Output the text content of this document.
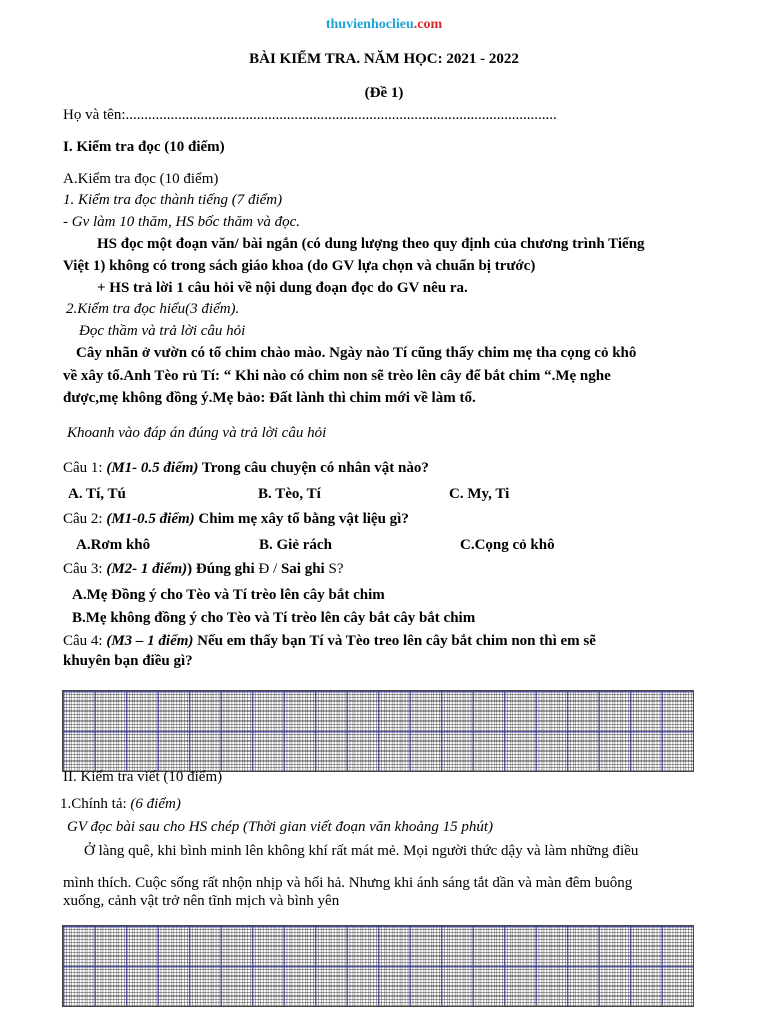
thuvienhoclieu.com
BÀI KIỂM TRA. NĂM HỌC: 2021 - 2022
(Đề 1)
Họ và tên:...................................................................................................................
I. Kiểm tra đọc (10 điểm)
A.Kiểm tra đọc (10 điểm)
1. Kiểm tra đọc thành tiếng (7 điểm)
- Gv làm 10 thăm, HS bốc thăm và đọc.
HS đọc một đoạn văn/ bài ngắn (có dung lượng theo quy định của chương trình Tiếng
Việt 1) không có trong sách giáo khoa (do GV lựa chọn và chuẩn bị trước)
+ HS trả lời 1 câu hỏi về nội dung đoạn đọc do GV nêu ra.
2.Kiểm tra đọc hiểu(3 điểm).
Đọc thầm và trả lời câu hỏi
Cây nhãn ở vườn có tổ chim chào mào. Ngày nào Tí cũng thấy chim mẹ tha cọng cỏ khô
về xây tổ.Anh Tèo rủ Tí: “ Khi nào có chim non sẽ trèo lên cây để bắt chim “.Mẹ nghe
được,mẹ không đồng ý.Mẹ bảo: Đất lành thì chim mới về làm tổ.
Khoanh vào đáp án đúng và trả lời câu hỏi
Câu 1: (M1- 0.5 điểm) Trong câu chuyện có nhân vật nào?
A. Tí, Tú	B. Tèo, Tí	C. My, Ti
Câu 2: (M1-0.5 điểm) Chim mẹ xây tổ bằng vật liệu gì?
A.Rơm khô	B. Giẻ rách	C.Cọng cỏ khô
Câu 3: (M2- 1 điểm)) Đúng ghi Đ / Sai ghi S?
A.Mẹ Đồng ý cho Tèo và Tí trèo lên cây bắt chim
B.Mẹ không đồng ý cho Tèo và Tí trèo lên cây bắt cây bắt chim
Câu 4: (M3 – 1 điểm) Nếu em thấy bạn Tí và Tèo treo lên cây bắt chim non thì em sẽ
khuyên bạn điều gì?
II. Kiểm tra viết (10 điểm)
1.Chính tả: (6 điểm)
GV đọc bài sau cho HS chép (Thời gian viết đoạn văn khoảng 15 phút)
Ở làng quê, khi bình minh lên không khí rất mát mẻ. Mọi người thức dậy và làm những điều
mình thích. Cuộc sống rất nhộn nhịp và hối hả. Nhưng khi ánh sáng tắt dần và màn đêm buông
xuống, cảnh vật trở nên tĩnh mịch và bình yên
